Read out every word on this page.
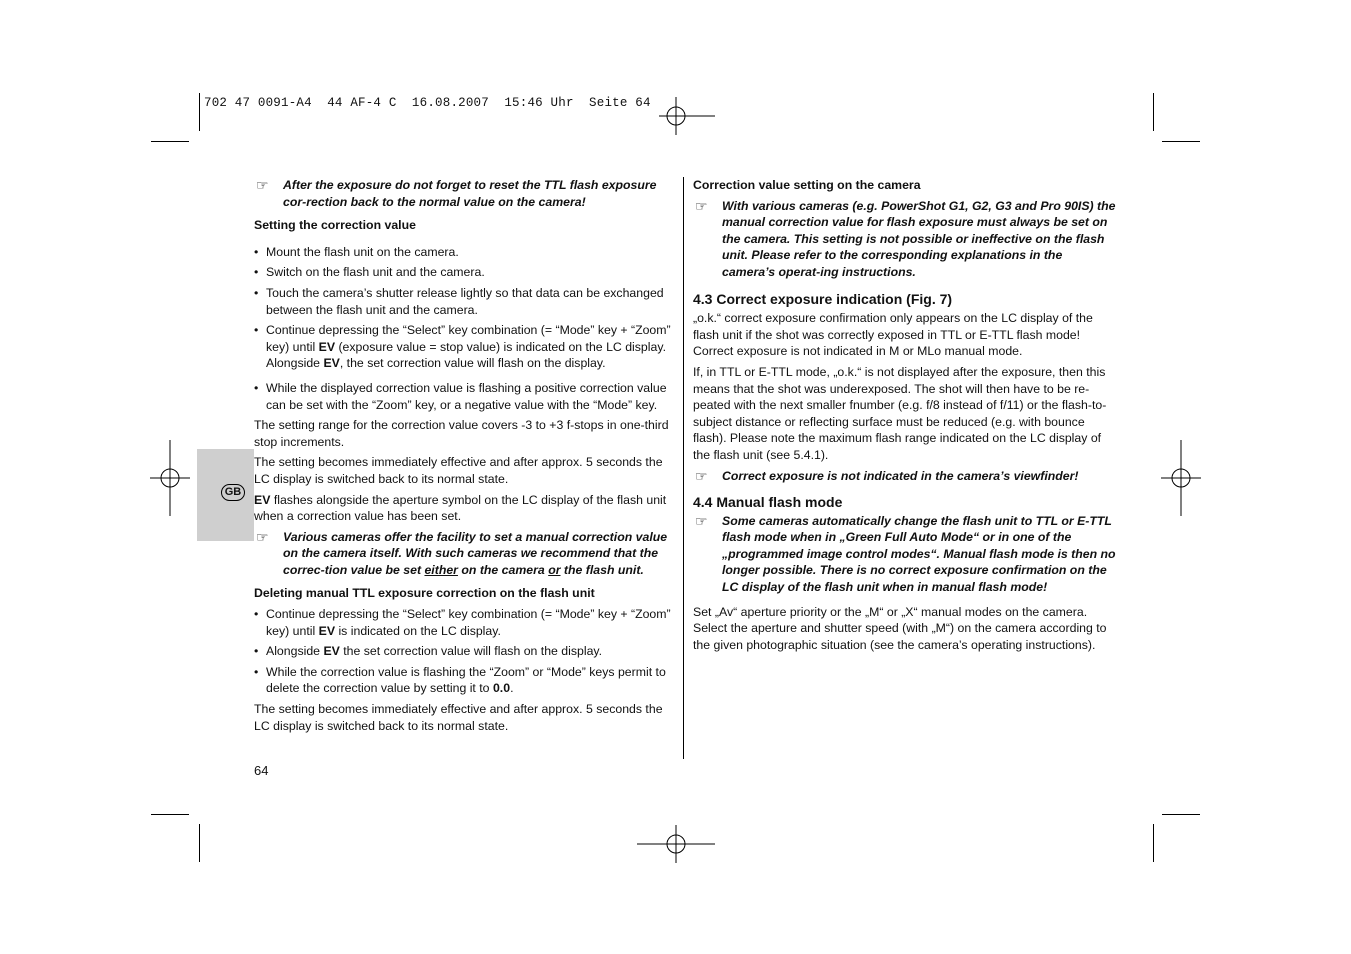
702 47 0091-A4  44 AF-4 C  16.08.2007  15:46 Uhr  Seite 64
GB
☞ After the exposure do not forget to reset the TTL flash exposure cor-rection back to the normal value on the camera!

Setting the correction value

• Mount the flash unit on the camera.

• Switch on the flash unit and the camera.

• Touch the camera’s shutter release lightly so that data can be exchanged between the flash unit and the camera.

• Continue depressing the “Select” key combination (= “Mode” key + “Zoom” key) until EV (exposure value = stop value) is indicated on the LC display. Alongside EV, the set correction value will flash on the display.

• While the displayed correction value is flashing a positive correction value can be set with the “Zoom” key, or a negative value with the “Mode” key.

The setting range for the correction value covers -3 to +3 f-stops in one-third stop increments.

The setting becomes immediately effective and after approx. 5 seconds the LC display is switched back to its normal state.

EV flashes alongside the aperture symbol on the LC display of the flash unit when a correction value has been set.

☞ Various cameras offer the facility to set a manual correction value on the camera itself. With such cameras we recommend that the correc-tion value be set either on the camera or the flash unit.

Deleting manual TTL exposure correction on the flash unit

• Continue depressing the “Select” key combination (= “Mode” key + “Zoom” key) until EV is indicated on the LC display.

• Alongside EV the set correction value will flash on the display.

• While the correction value is flashing the “Zoom” or “Mode” keys permit to delete the correction value by setting it to 0.0.

The setting becomes immediately effective and after approx. 5 seconds the LC display is switched back to its normal state.

64

Correction value setting on the camera

☞ With various cameras (e.g. PowerShot G1, G2, G3 and Pro 90IS) the manual correction value for flash exposure must always be set on the camera. This setting is not possible or ineffective on the flash unit. Please refer to the corresponding explanations in the camera’s operat-ing instructions.

4.3 Correct exposure indication (Fig. 7)

„o.k.“ correct exposure confirmation only appears on the LC display of the flash unit if the shot was correctly exposed in TTL or E-TTL flash mode! Correct exposure is not indicated in M or MLo manual mode.

If, in TTL or E-TTL mode, „o.k.“ is not displayed after the exposure, then this means that the shot was underexposed. The shot will then have to be re-peated with the next smaller fnumber (e.g. f/8 instead of f/11) or the flash-to-subject distance or reflecting surface must be reduced (e.g. with bounce flash). Please note the maximum flash range indicated on the LC display of the flash unit (see 5.4.1).

☞ Correct exposure is not indicated in the camera’s viewfinder!

4.4 Manual flash mode

☞ Some cameras automatically change the flash unit to TTL or E-TTL flash mode when in „Green Full Auto Mode“ or in one of the „programmed image control modes“. Manual flash mode is then no longer possible. There is no correct exposure confirmation on the LC display of the flash unit when in manual flash mode!

Set „Av“ aperture priority or the „M“ or „X“ manual modes on the camera. Select the aperture and shutter speed (with „M“) on the camera according to the given photographic situation (see the camera’s operating instructions).
